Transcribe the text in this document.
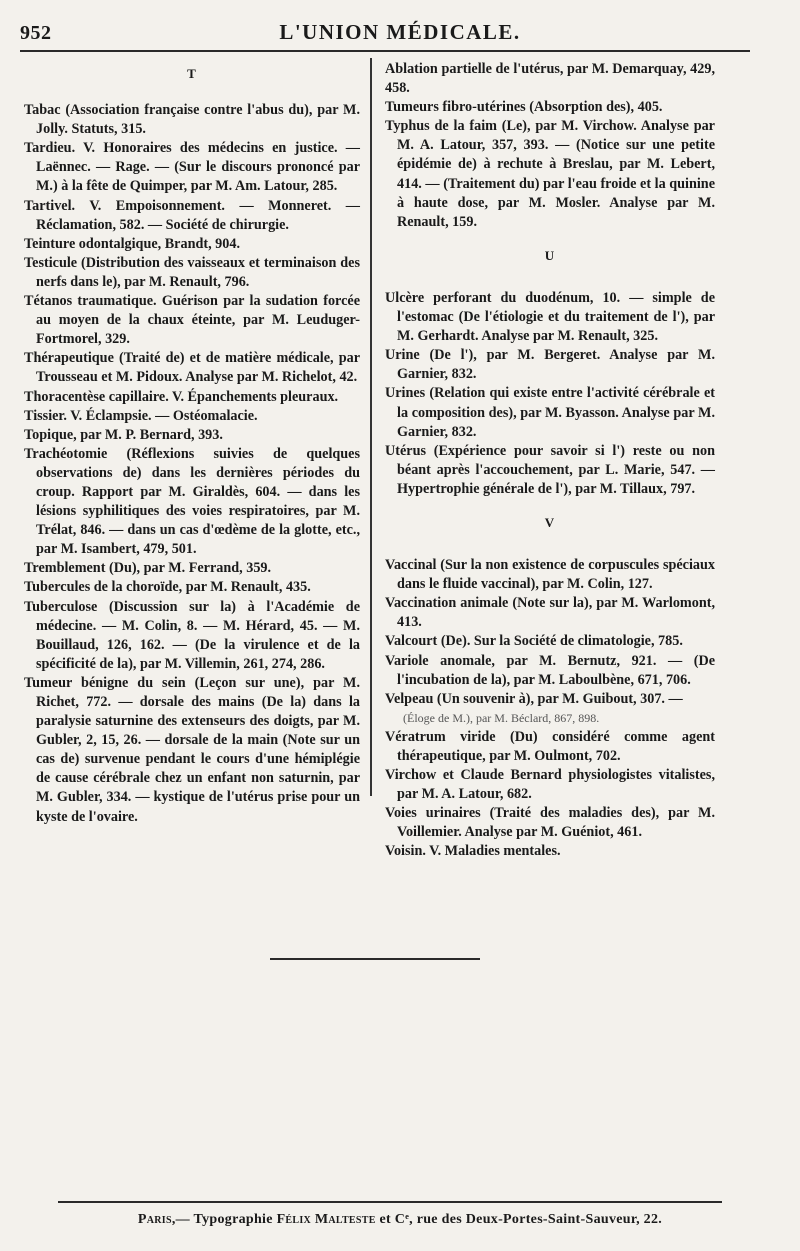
952	L'UNION MÉDICALE.
T
Tabac (Association française contre l'abus du), par M. Jolly. Statuts, 315.
Tardieu. V. Honoraires des médecins en justice. — Laënnec. — Rage. — (Sur le discours prononcé par M.) à la fête de Quimper, par M. Am. Latour, 285.
Tartivel. V. Empoisonnement. — Monneret. — Réclamation, 582. — Société de chirurgie.
Teinture odontalgique, Brandt, 904.
Testicule (Distribution des vaisseaux et terminaison des nerfs dans le), par M. Renault, 796.
Tétanos traumatique. Guérison par la sudation forcée au moyen de la chaux éteinte, par M. Leuduger-Fortmorel, 329.
Thérapeutique (Traité de) et de matière médicale, par Trousseau et M. Pidoux. Analyse par M. Richelot, 42.
Thoracentèse capillaire. V. Épanchements pleuraux.
Tissier. V. Éclampsie. — Ostéomalacie.
Topique, par M. P. Bernard, 393.
Trachéotomie (Réflexions suivies de quelques observations de) dans les dernières périodes du croup. Rapport par M. Giraldès, 604. — dans les lésions syphilitiques des voies respiratoires, par M. Trélat, 846. — dans un cas d'œdème de la glotte, etc., par M. Isambert, 479, 501.
Tremblement (Du), par M. Ferrand, 359.
Tubercules de la choroïde, par M. Renault, 435.
Tuberculose (Discussion sur la) à l'Académie de médecine. — M. Colin, 8. — M. Hérard, 45. — M. Bouillaud, 126, 162. — (De la virulence et de la spécificité de la), par M. Villemin, 261, 274, 286.
Tumeur bénigne du sein (Leçon sur une), par M. Richet, 772. — dorsale des mains (De la) dans la paralysie saturnine des extenseurs des doigts, par M. Gubler, 2, 15, 26. — dorsale de la main (Note sur un cas de) survenue pendant le cours d'une hémiplégie de cause cérébrale chez un enfant non saturnin, par M. Gubler, 334. — kystique de l'utérus prise pour un kyste de l'ovaire.
Ablation partielle de l'utérus, par M. Demarquay, 429, 458.
Tumeurs fibro-utérines (Absorption des), 405.
Typhus de la faim (Le), par M. Virchow. Analyse par M. A. Latour, 357, 393. — (Notice sur une petite épidémie de) à rechute à Breslau, par M. Lebert, 414. — (Traitement du) par l'eau froide et la quinine à haute dose, par M. Mosler. Analyse par M. Renault, 159.
U
Ulcère perforant du duodénum, 10. — simple de l'estomac (De l'étiologie et du traitement de l'), par M. Gerhardt. Analyse par M. Renault, 325.
Urine (De l'), par M. Bergeret. Analyse par M. Garnier, 832.
Urines (Relation qui existe entre l'activité cérébrale et la composition des), par M. Byasson. Analyse par M. Garnier, 832.
Utérus (Expérience pour savoir si l') reste ou non béant après l'accouchement, par L. Marie, 547. — Hypertrophie générale de l'), par M. Tillaux, 797.
V
Vaccinal (Sur la non existence de corpuscules spéciaux dans le fluide vaccinal), par M. Colin, 127.
Vaccination animale (Note sur la), par M. Warlomont, 413.
Valcourt (De). Sur la Société de climatologie, 785.
Variole anomale, par M. Bernutz, 921. — (De l'incubation de la), par M. Laboulbène, 671, 706.
Velpeau (Un souvenir à), par M. Guibout, 307. —
(Éloge de M.), par M. Béclard, 867, 898.
Vératrum viride (Du) considéré comme agent thérapeutique, par M. Oulmont, 702.
Virchow et Claude Bernard physiologistes vitalistes, par M. A. Latour, 682.
Voies urinaires (Traité des maladies des), par M. Voillemier. Analyse par M. Guéniot, 461.
Voisin. V. Maladies mentales.
Paris,— Typographie Félix Malteste et Cᵉ, rue des Deux-Portes-Saint-Sauveur, 22.
